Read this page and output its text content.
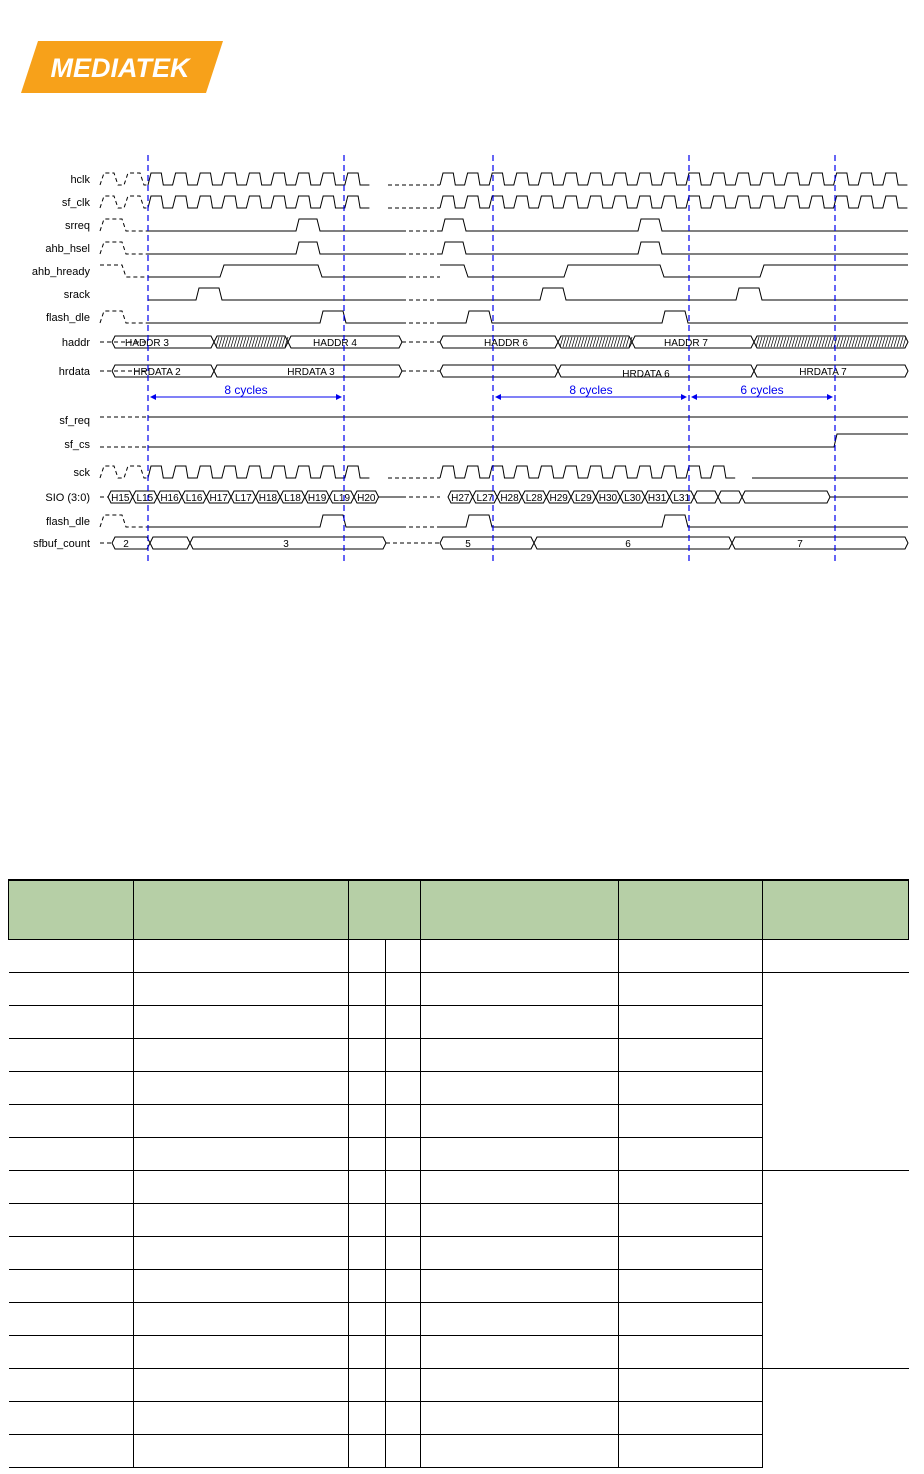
MEDIATEK
hclk
sf_clk
srreq
ahb_hsel
ahb_hready
srack
flash_dle
haddr
hrdata
sf_req
sf_cs
sck
SIO (3:0)
flash_dle
sfbuf_count
HADDR 3	HADDR 4	HADDR 6	HADDR 7
HRDATA 2	HRDATA 3	HRDATA 6	HRDATA 7
H15 L15 H16 L16 H17 L17 H18 L18 H19 L19 H20	H27 L27 H28 L28 H29 L29 H30 L30 H31 L31
2	3	5	6	7
8 cycles	8 cycles	6 cycles
